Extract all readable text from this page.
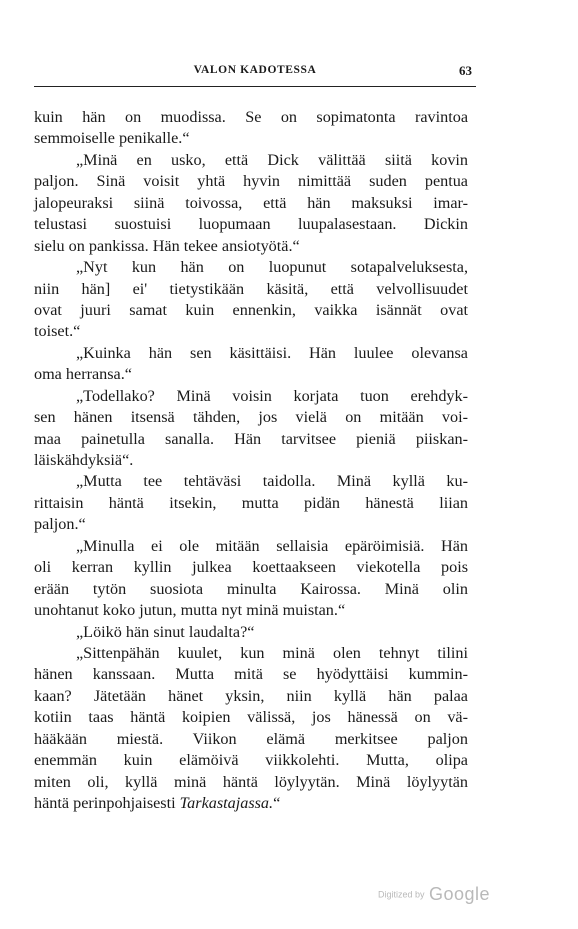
VALON KADOTESSA	63
kuin hän on muodissa. Se on sopimatonta ravintoa
semmoiselle penikalle.“
„Minä en usko, että Dick välittää siitä kovin
paljon. Sinä voisit yhtä hyvin nimittää suden pentua
jalopeuraksi siinä toivossa, että hän maksuksi imar-
telustasi suostuisi luopumaan luupalasestaan. Dickin
sielu on pankissa. Hän tekee ansiotyötä.“
„Nyt kun hän on luopunut sotapalveluksesta,
niin hän] ei' tietystikään käsitä, että velvollisuudet
ovat juuri samat kuin ennenkin, vaikka isännät ovat
toiset.“
„Kuinka hän sen käsittäisi. Hän luulee olevansa
oma herransa.“
„Todellako? Minä voisin korjata tuon erehdyk-
sen hänen itsensä tähden, jos vielä on mitään voi-
maa painetulla sanalla. Hän tarvitsee pieniä piiskan-
läiskähdyksiä“.
„Mutta tee tehtäväsi taidolla. Minä kyllä ku-
rittaisin häntä itsekin, mutta pidän hänestä liian
paljon.“
„Minulla ei ole mitään sellaisia epäröimisiä. Hän
oli kerran kyllin julkea koettaakseen viekotella pois
erään tytön suosiota minulta Kairossa. Minä olin
unohtanut koko jutun, mutta nyt minä muistan.“
„Löikö hän sinut laudalta?“
„Sittenpähän kuulet, kun minä olen tehnyt tilini
hänen kanssaan. Mutta mitä se hyödyttäisi kummin-
kaan? Jätetään hänet yksin, niin kyllä hän palaa
kotiin taas häntä koipien välissä, jos hänessä on vä-
hääkään miestä. Viikon elämä merkitsee paljon
enemmän kuin elämöivä viikkolehti. Mutta, olipa
miten oli, kyllä minä häntä löylyytän. Minä löylyytän
häntä perinpohjaisesti Tarkastajassa.“
Digitized by Google
